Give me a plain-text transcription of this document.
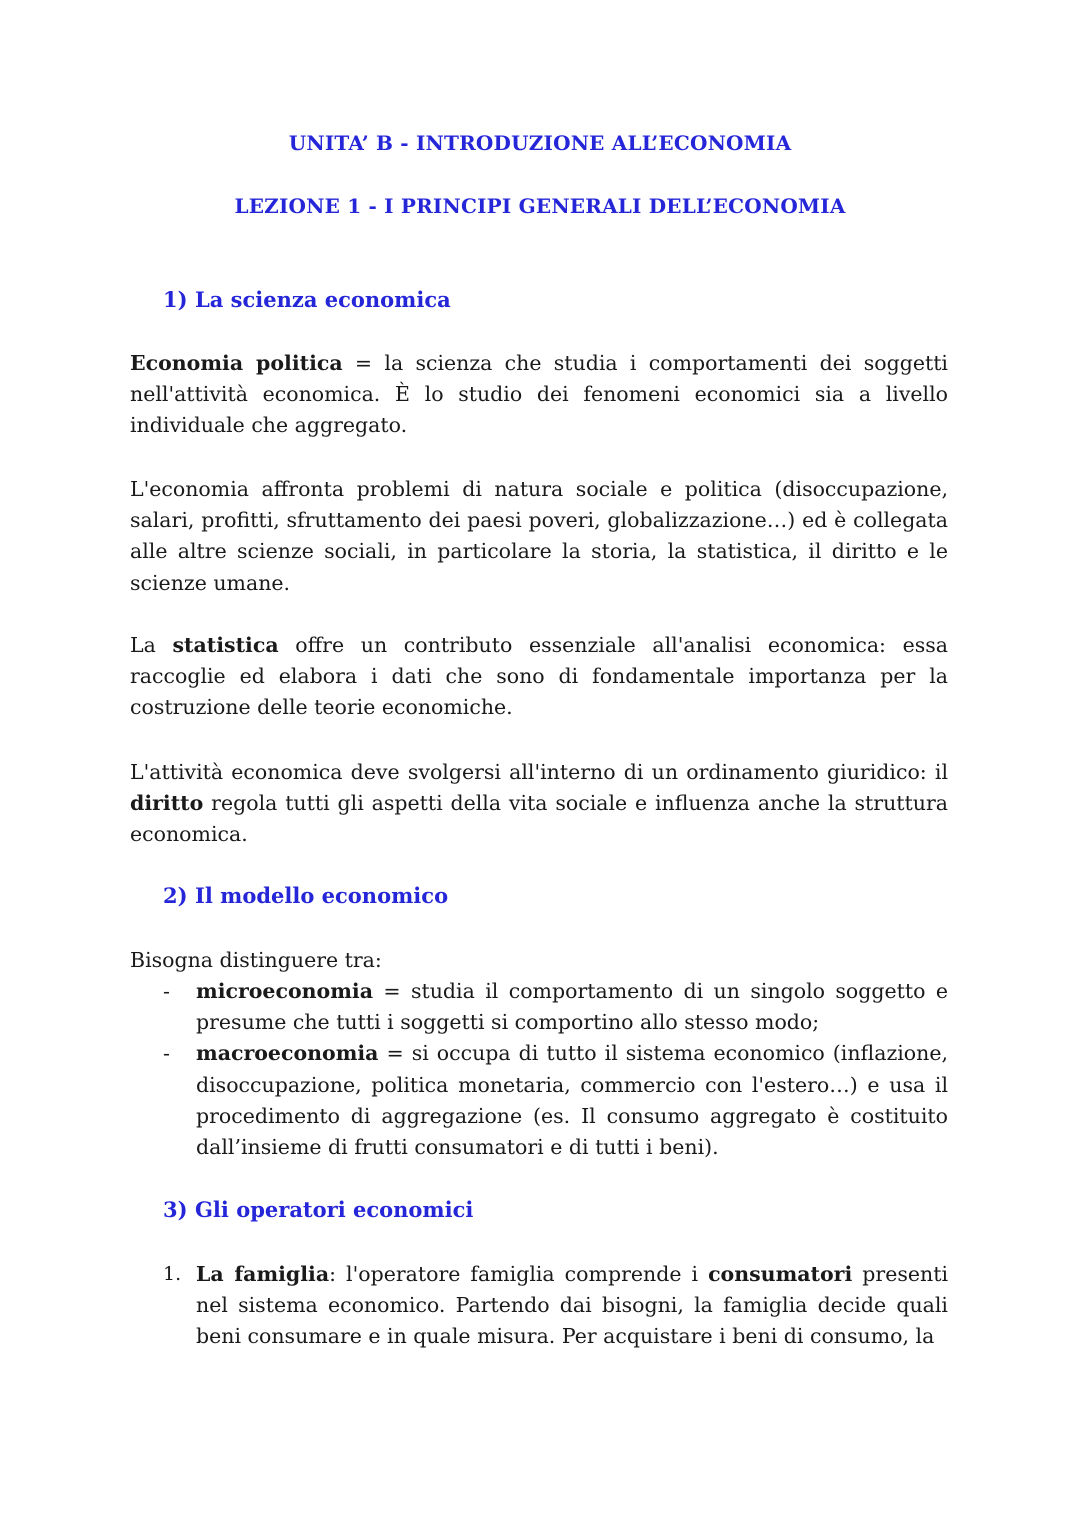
UNITA’ B - INTRODUZIONE ALL’ECONOMIA
LEZIONE 1 - I PRINCIPI GENERALI DELL’ECONOMIA
1) La scienza economica

Economia politica = la scienza che studia i comportamenti dei soggetti nell'attività economica. È lo studio dei fenomeni economici sia a livello individuale che aggregato.

L'economia affronta problemi di natura sociale e politica (disoccupazione, salari, profitti, sfruttamento dei paesi poveri, globalizzazione…) ed è collegata alle altre scienze sociali, in particolare la storia, la statistica, il diritto e le scienze umane.

La statistica offre un contributo essenziale all'analisi economica: essa raccoglie ed elabora i dati che sono di fondamentale importanza per la costruzione delle teorie economiche.

L'attività economica deve svolgersi all'interno di un ordinamento giuridico: il diritto regola tutti gli aspetti della vita sociale e influenza anche la struttura economica.

2) Il modello economico

Bisogna distinguere tra:

- microeconomia = studia il comportamento di un singolo soggetto e presume che tutti i soggetti si comportino allo stesso modo;
- macroeconomia = si occupa di tutto il sistema economico (inflazione, disoccupazione, politica monetaria, commercio con l'estero…) e usa il procedimento di aggregazione (es. Il consumo aggregato è costituito dall’insieme di frutti consumatori e di tutti i beni).
3) Gli operatori economici
1. La famiglia: l'operatore famiglia comprende i consumatori presenti nel sistema economico. Partendo dai bisogni, la famiglia decide quali beni consumare e in quale misura. Per acquistare i beni di consumo, la
